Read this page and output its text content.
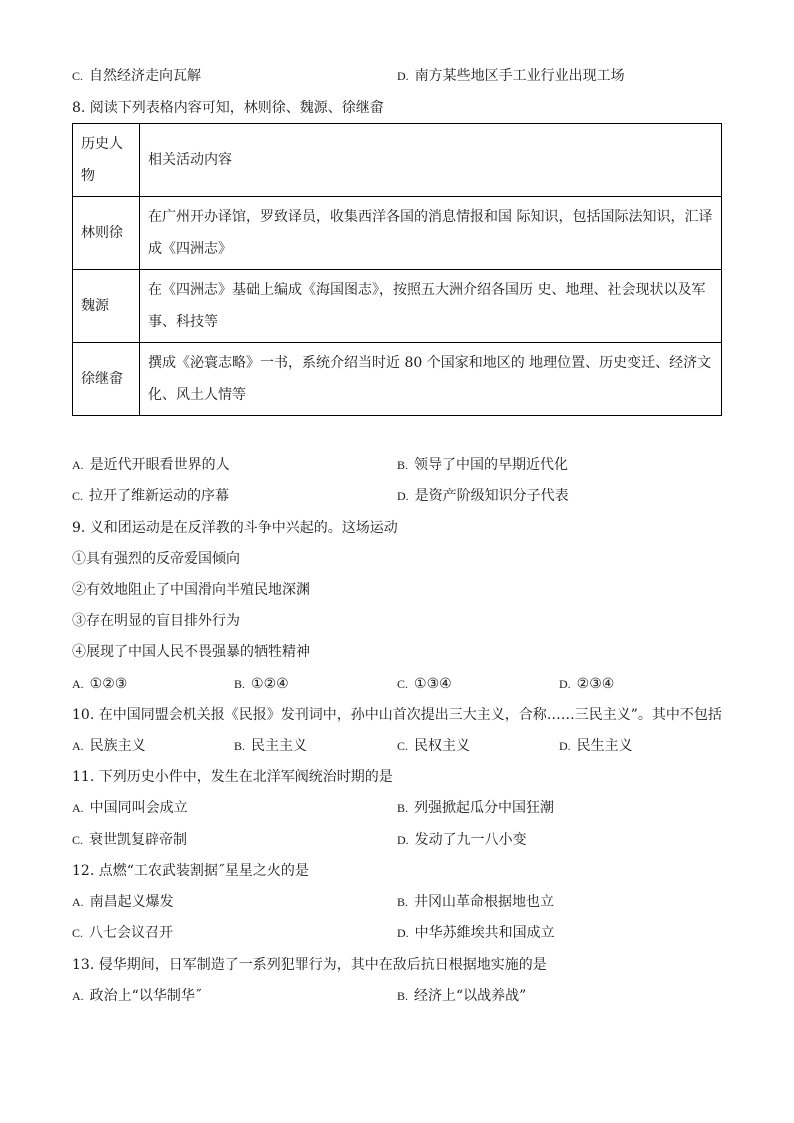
C. 自然经济走向瓦解	D. 南方某些地区手工业行业出现工场
8. 阅读下列表格内容可知，林则徐、魏源、徐继畲
历史人物	相关活动内容
林则徐	在广州开办译馆，罗致译员，收集西洋各国的消息情报和国 际知识，包括国际法知识，汇译成《四洲志》
魏源	在《四洲志》基础上编成《海国图志》，按照五大洲介绍各国历 史、地理、社会现状以及军事、科技等
徐继畲	撰成《泌寰志略》一书，系统介绍当时近 80 个国家和地区的 地理位置、历史变迁、经济文化、风土人情等
A. 是近代开眼看世界的人	B. 领导了中国的早期近代化
C. 拉开了维新运动的序幕	D. 是资产阶级知识分子代表
9. 义和团运动是在反洋教的斗争中兴起的。这场运动
①具有强烈的反帝爱国倾向
②有效地阻止了中国滑向半殖民地深渊
③存在明显的盲目排外行为
④展现了中国人民不畏强暴的牺牲精神
A. ①②③	B. ①②④	C. ①③④	D. ②③④
10. 在中国同盟会机关报《民报》发刊词中，孙中山首次提出三大主义，合称……三民主义”。其中不包括
A. 民族主义	B. 民主主义	C. 民权主义	D. 民生主义
11. 下列历史小件中，发生在北洋军阀统治时期的是
A. 中国同叫会成立	B. 列强掀起瓜分中国狂潮
C. 衰世凯复辟帝制	D. 发动了九一八小变
12. 点燃“工农武装割据˝星星之火的是
A. 南昌起义爆发	B. 井冈山革命根据地也立
C. 八七会议召开	D. 中华苏維埃共和国成立
13. 侵华期间，日军制造了一系列犯罪行为，其中在敌后抗日根据地实施的是
A. 政治上“以华制华˝	B. 经济上“以战养战”
